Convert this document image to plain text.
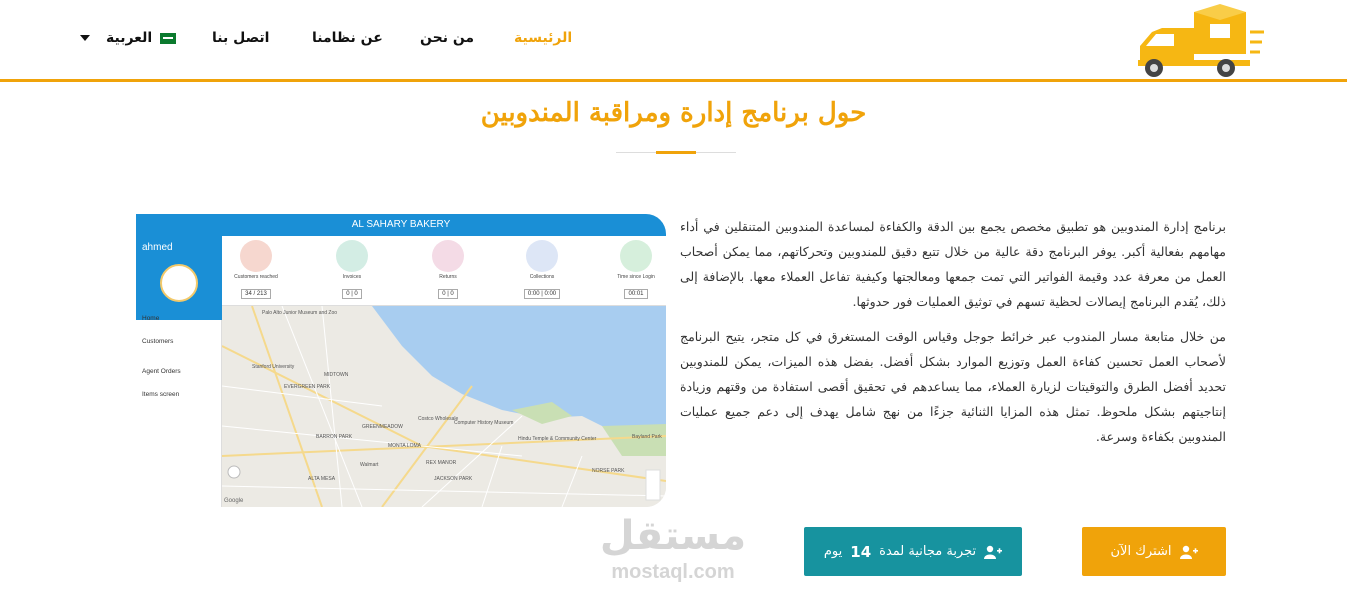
الرئيسية
من نحن
عن نظامنا
اتصل بنا
العربية
حول برنامج إدارة ومراقبة المندوبين

برنامج إدارة المندوبين هو تطبيق مخصص يجمع بين الدقة والكفاءة لمساعدة المندوبين المتنقلين في أداء مهامهم بفعالية أكبر. يوفر البرنامج دقة عالية من خلال تتبع دقيق للمندوبين وتحركاتهم، مما يمكن أصحاب العمل من معرفة عدد وقيمة الفواتير التي تمت جمعها ومعالجتها وكيفية تفاعل العملاء معها. بالإضافة إلى ذلك، يُقدم البرنامج إيصالات لحظية تسهم في توثيق العمليات فور حدوثها.

من خلال متابعة مسار المندوب عبر خرائط جوجل وقياس الوقت المستغرق في كل متجر، يتيح البرنامج لأصحاب العمل تحسين كفاءة العمل وتوزيع الموارد بشكل أفضل. بفضل هذه الميزات، يمكن للمندوبين تحديد أفضل الطرق والتوقيتات لزيارة العملاء، مما يساعدهم في تحقيق أقصى استفادة من وقتهم وزيادة إنتاجيتهم بشكل ملحوظ. تمثل هذه المزايا الثنائية جزءًا من نهج شامل يهدف إلى دعم جميع عمليات المندوبين بكفاءة وسرعة.

AL SAHARY BAKERY
ahmed
Home
Customers
Agent Orders
Items screen
Customers reached
34 / 213
Invoices
0 | 0
Returns
0 | 0
Collections
0:00 | 0:00
Time since Login
00:01
Palo Alto Junior Museum and Zoo
Stanford University
EVERGREEN PARK
MIDTOWN
Costco Wholesale
Computer History Museum
GREENMEADOW
BARRON PARK
MONTA LOMA
Walmart	REX MANOR
Hindu Temple & Community Center
NORSE PARK
JACKSON PARK
ALTA MESA
Bayland Park
Google
مستقل
mostaql.com
اشترك الآن
تجربة مجانية لمدة
14
يوم
